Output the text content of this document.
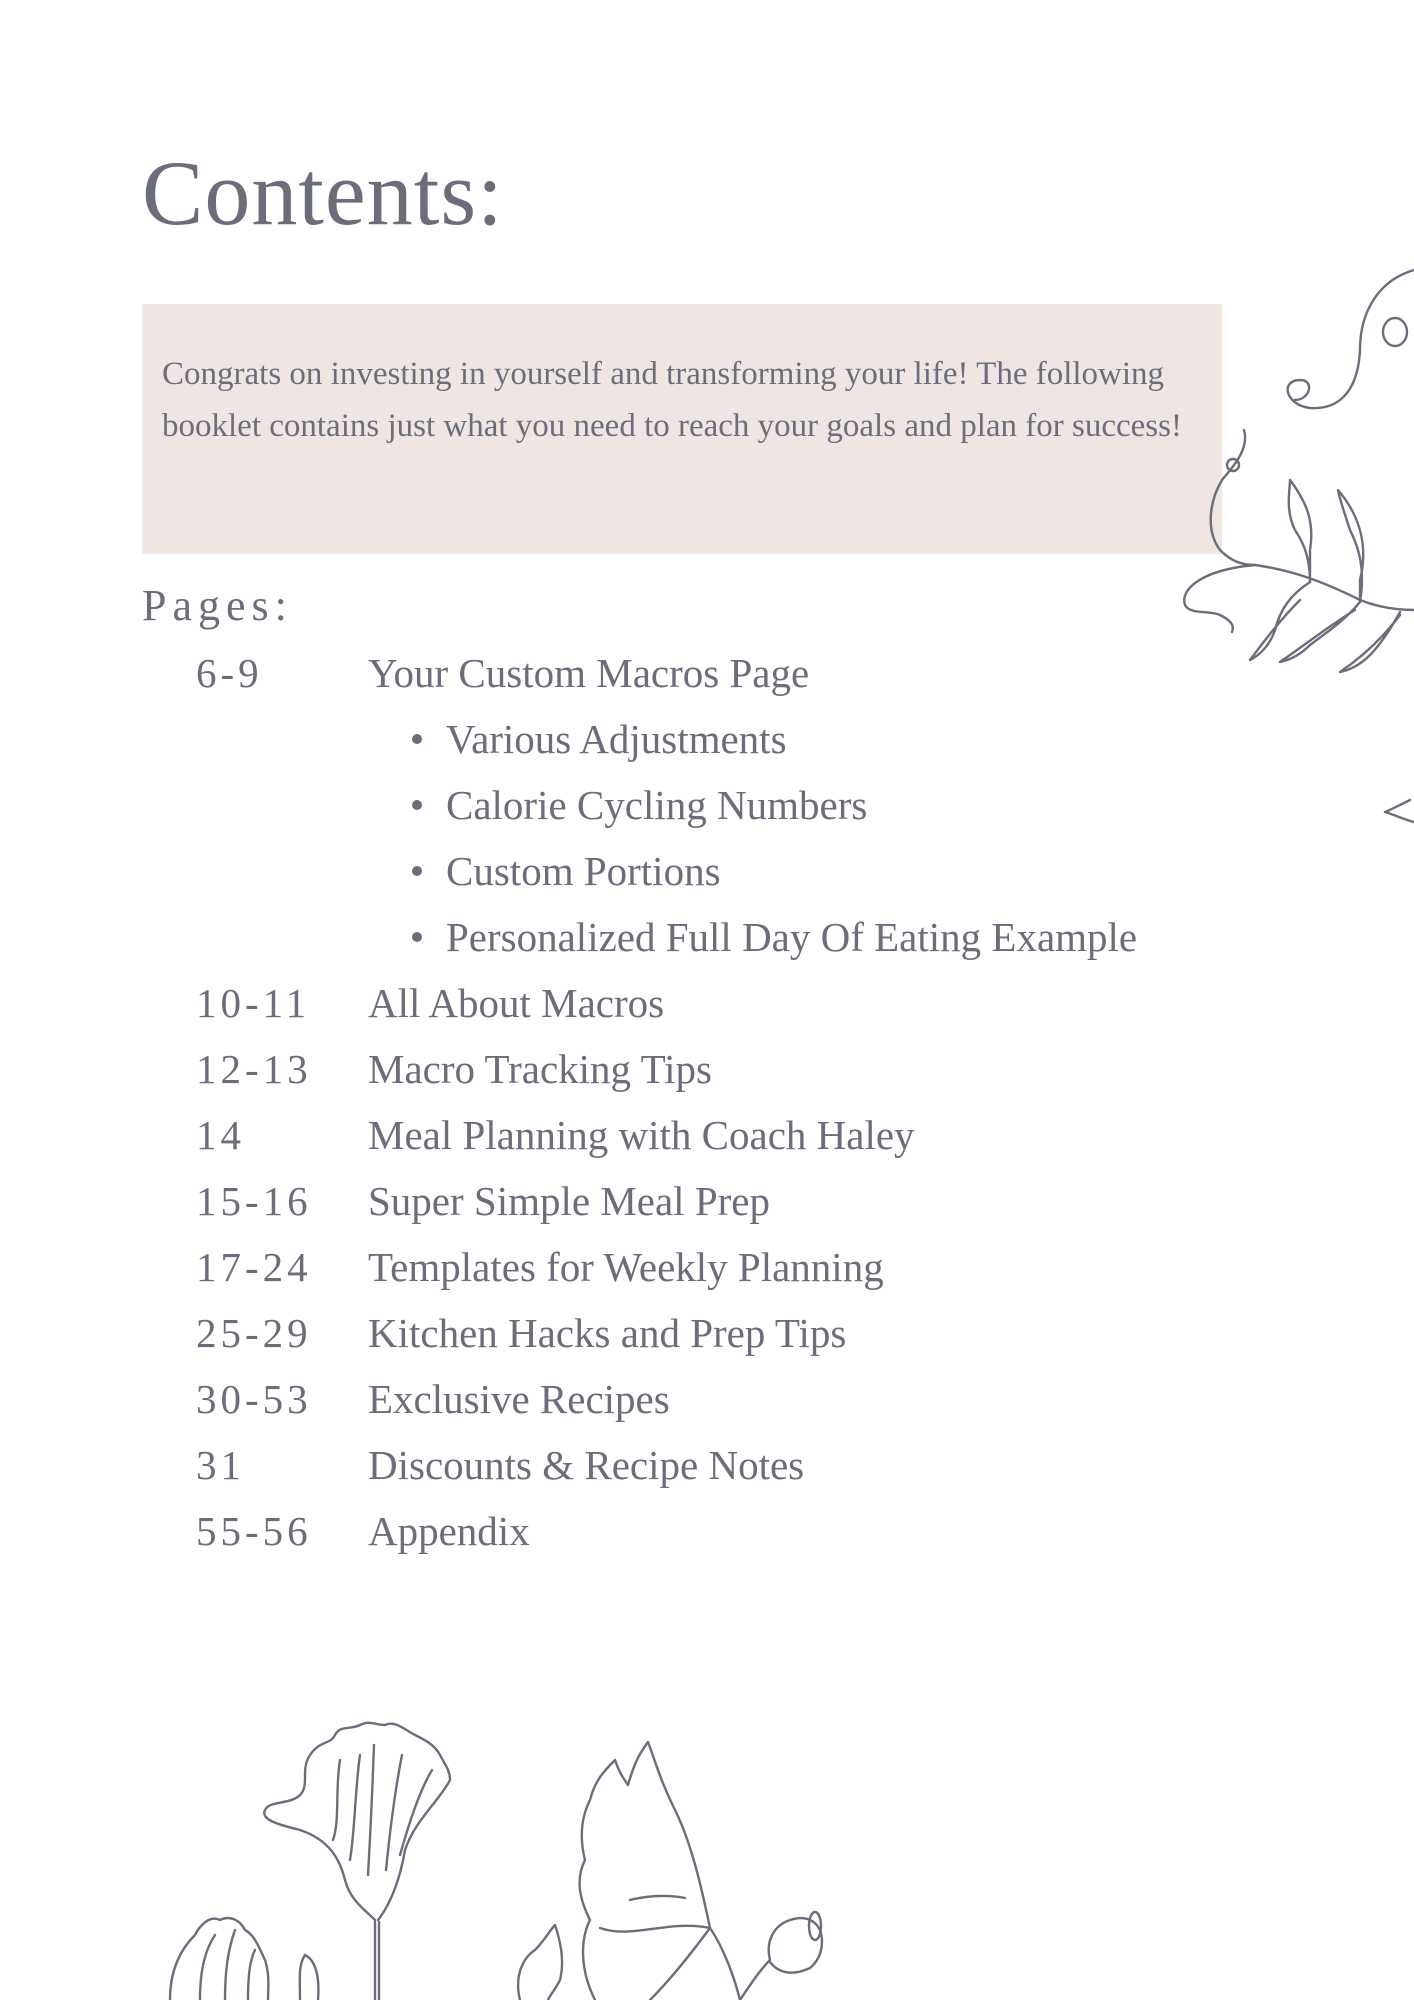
Contents:

Congrats on investing in yourself and transforming your life! The following booklet contains just what you need to reach your goals and plan for success!

Pages:
6-9	Your Custom Macros Page
Various Adjustments
Calorie Cycling Numbers
Custom Portions
Personalized Full Day Of Eating Example
10-11	All About Macros
12-13	Macro Tracking Tips
14	Meal Planning with Coach Haley
15-16	Super Simple Meal Prep
17-24	Templates for Weekly Planning
25-29	Kitchen Hacks and Prep Tips
30-53	Exclusive Recipes
31	Discounts & Recipe Notes
55-56	Appendix
